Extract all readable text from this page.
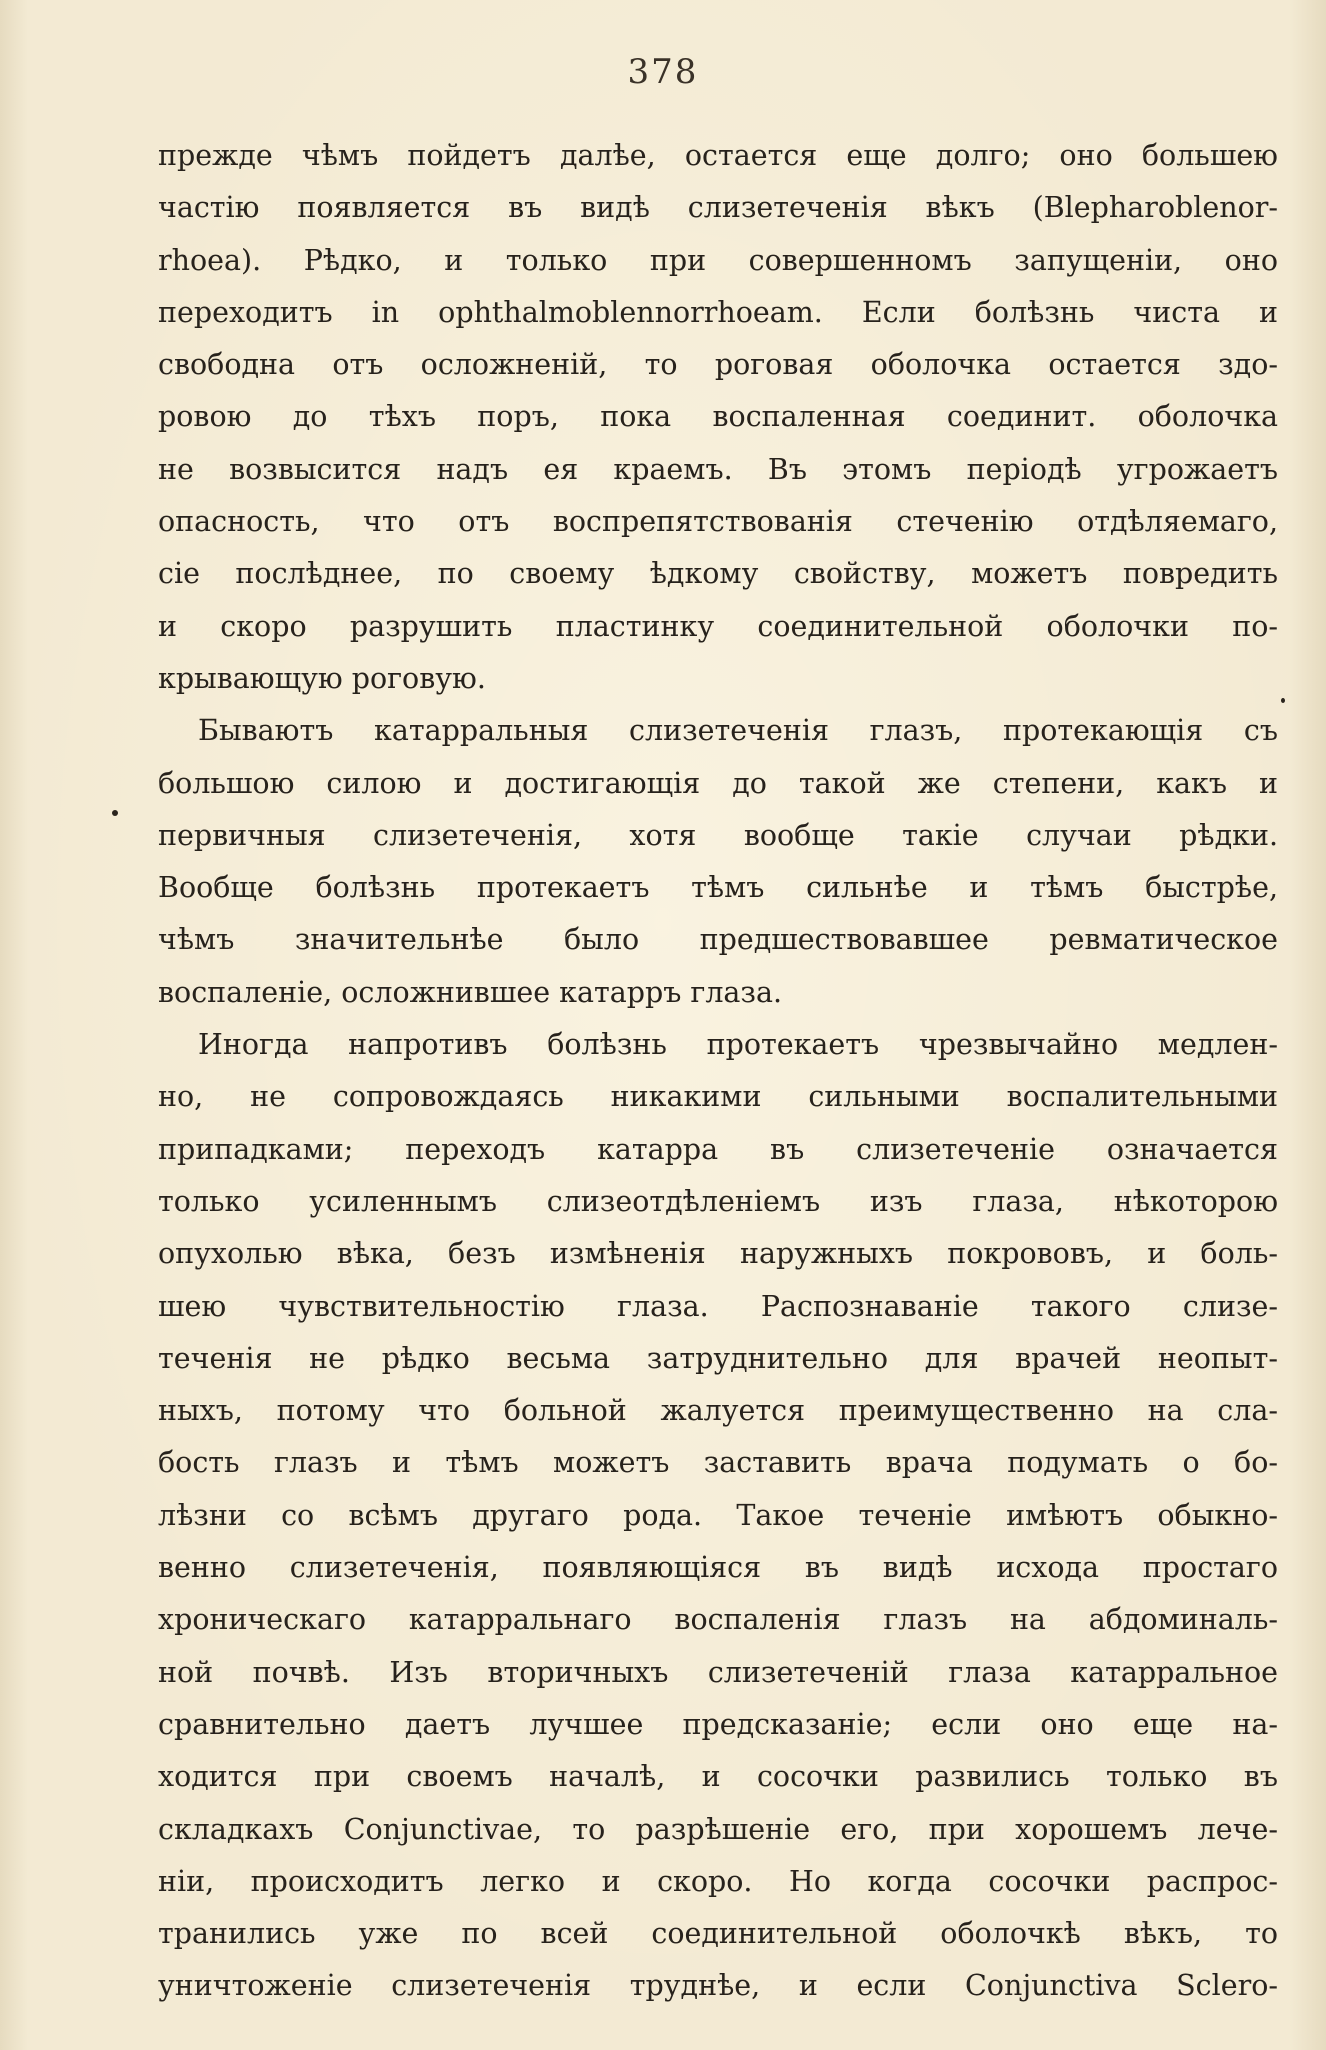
378
прежде чѣмъ пойдетъ далѣе, остается еще долго; оно большею
частію появляется въ видѣ слизетеченія вѣкъ (Blepharoblenor-
rhoea). Рѣдко, и только при совершенномъ запущеніи, оно
переходитъ in ophthalmoblennorrhoeam. Если болѣзнь чиста и
свободна отъ осложненій, то роговая оболочка остается здо-
ровою до тѣхъ поръ, пока воспаленная соединит. оболочка
не возвысится надъ ея краемъ. Въ этомъ періодѣ угрожаетъ
опасность, что отъ воспрепятствованія стеченію отдѣляемаго,
сіе послѣднее, по своему ѣдкому свойству, можетъ повредить
и скоро разрушить пластинку соединительной оболочки по-
крывающую роговую.
Бываютъ катарральныя слизетеченія глазъ, протекающія съ
большою силою и достигающія до такой же степени, какъ и
первичныя слизетеченія, хотя вообще такіе случаи рѣдки.
Вообще болѣзнь протекаетъ тѣмъ сильнѣе и тѣмъ быстрѣе,
чѣмъ значительнѣе было предшествовавшее ревматическое
воспаленіе, осложнившее катарръ глаза.
Иногда напротивъ болѣзнь протекаетъ чрезвычайно медлен-
но, не сопровождаясь никакими сильными воспалительными
припадками; переходъ катарра въ слизетеченіе означается
только усиленнымъ слизеотдѣленіемъ изъ глаза, нѣкоторою
опухолью вѣка, безъ измѣненія наружныхъ покрововъ, и боль-
шею чувствительностію глаза. Распознаваніе такого слизе-
теченія не рѣдко весьма затруднительно для врачей неопыт-
ныхъ, потому что больной жалуется преимущественно на сла-
бость глазъ и тѣмъ можетъ заставить врача подумать о бо-
лѣзни со всѣмъ другаго рода. Такое теченіе имѣютъ обыкно-
венно слизетеченія, появляющіяся въ видѣ исхода простаго
хроническаго катарральнаго воспаленія глазъ на абдоминаль-
ной почвѣ. Изъ вторичныхъ слизетеченій глаза катарральное
сравнительно даетъ лучшее предсказаніе; если оно еще на-
ходится при своемъ началѣ, и сосочки развились только въ
складкахъ Conjunctivae, то разрѣшеніе его, при хорошемъ лече-
ніи, происходитъ легко и скоро. Но когда сосочки распрос-
транились уже по всей соединительной оболочкѣ вѣкъ, то
уничтоженіе слизетеченія труднѣе, и если Conjunctiva Sclero-
